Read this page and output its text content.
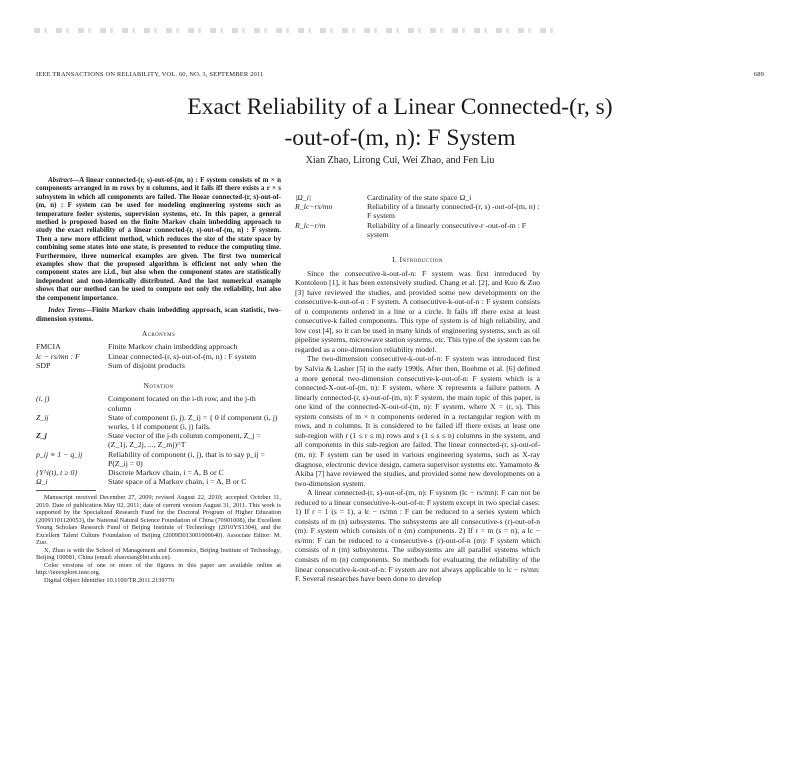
IEEE TRANSACTIONS ON RELIABILITY, VOL. 60, NO. 3, SEPTEMBER 2011	689
Exact Reliability of a Linear Connected-(r, s)
-out-of-(m, n): F System
Xian Zhao, Lirong Cui, Wei Zhao, and Fen Liu

Abstract—A linear connected-(r, s)-out-of-(m, n) : F system consists of m × n components arranged in m rows by n columns, and it fails iff there exists a r × s subsystem in which all components are failed. The linear connected-(r, s)-out-of-(m, n) : F system can be used for modeling engineering systems such as temperature feeler systems, supervision systems, etc. In this paper, a general method is proposed based on the finite Markov chain imbedding approach to study the exact reliability of a linear connected-(r, s)-out-of-(m, n) : F system. Then a new more efficient method, which reduces the size of the state space by combining some states into one state, is presented to reduce the computing time. Furthermore, three numerical examples are given. The first two numerical examples show that the proposed algorithm is efficient not only when the component states are i.i.d., but also when the component states are statistically independent and non-identically distributed. And the last numerical example shows that our method can be used to compute not only the reliability, but also the component importance.

Index Terms—Finite Markov chain imbedding approach, scan statistic, two-dimension systems.

Acronyms
FMCIA	Finite Markov chain imbedding approach
lc − rs/mn : F	Linear connected-(r, s)-out-of-(m, n) : F system
SDP	Sum of disjoint products
Notation
(i, j)	Component located on the i-th row, and the j-th column
Z_ij	State of component (i, j). Z_ij = { 0 if component (i, j) works, 1 if component (i, j) fails.
Z_j	State vector of the j-th column component, Z_j = (Z_1j, Z_2j, ..., Z_mj)^T
p_ij ≡ 1 − q_ij	Reliability of component (i, j), that is to say p_ij = P(Z_ij = 0)
{Y^i(t), t ≥ 0}	Discrete Markov chain, i = A, B or C
Ω_i	State space of a Markov chain, i = A, B or C

Manuscript received December 27, 2009; revised August 22, 2010; accepted October 11, 2010. Date of publication May 02, 2011; date of current version August 31, 2011. This work is supported by the Specialized Research Fund for the Doctoral Program of Higher Education (20091101120053), the National Natural Science Foundation of China (70901008), the Excellent Young Scholars Research Fund of Beijing Institute of Technology (2010YS1304), and the Excellent Talent Culture Foundation of Beijing (2009D013001000040). Associate Editor: M. Zuo.

X. Zhao is with the School of Management and Economics, Beijing Institute of Technology, Beijing 100081, China (email: zhaoxian@bit.edu.cn).

Color versions of one or more of the figures in this paper are available online at http://ieeexplore.ieee.org.

Digital Object Identifier 10.1109/TR.2011.2139770

|Ω_i|	Cardinality of the state space Ω_i
R_lc−rs/mn	Reliability of a linearly connected-(r, s) -out-of-(m, n) : F system
R_lc−r/m	Reliability of a linearly consecutive-r -out-of-m : F system
I. Introduction

Since the consecutive-k-out-of-n: F system was first introduced by Kontoleon [1], it has been extensively studied. Chang et al. [2], and Kuo & Zuo [3] have reviewed the studies, and provided some new developments on the consecutive-k-out-of-n : F system. A consecutive-k-out-of-n : F system consists of n components ordered in a line or a circle. It fails iff there exist at least consecutive-k failed components. This type of system is of high reliability, and low cost [4], so it can be used in many kinds of engineering systems, such as oil pipeline systems, microwave station systems, etc. This type of the system can be regarded as a one-dimension reliability model.

The two-dimension consecutive-k-out-of-n: F system was introduced first by Salvia & Lasher [5] in the early 1990s. After then, Boehme et al. [6] defined a more general two-dimension consecutive-k-out-of-n: F system which is a connected-X-out-of-(m, n): F system, where X represents a failure pattern. A linearly connected-(r, s)-out-of-(m, n): F system, the main topic of this paper, is one kind of the connected-X-out-of-(m, n): F system, where X = (r, s). This system consists of m × n components ordered in a rectangular region with m rows, and n columns. It is considered to be failed iff there exists at least one sub-region with r (1 ≤ r ≤ m) rows and s (1 ≤ s ≤ n) columns in the system, and all components in this sub-region are failed. The linear connected-(r, s)-out-of-(m, n): F system can be used in various engineering systems, such as X-ray diagnose, electronic device design, camera supervisor systems etc. Yamamoto & Akiba [7] have reviewed the studies, and provided some new developments on a two-dimension system.

A linear connected-(r, s)-out-of-(m, n): F system (lc − rs/mn): F can not be reduced to a linear consecutive-k-out-of-n: F system except in two special cases: 1) If r = 1 (s = 1), a lc − rs/mn : F can be reduced to a series system which consists of m (n) subsystems. The subsystems are all consecutive-s (r)-out-of-n (m): F system which consists of n (m) components. 2) If r = m (s = n), a lc − rs/mn: F can be reduced to a consecutive-s (r)-out-of-n (m): F system which consists of n (m) subsystems. The subsystems are all parallel systems which consists of m (n) components. So methods for evaluating the reliability of the linear consecutive-k-out-of-n: F system are not always applicable to lc − rs/mn: F. Several researches have been done to develop
